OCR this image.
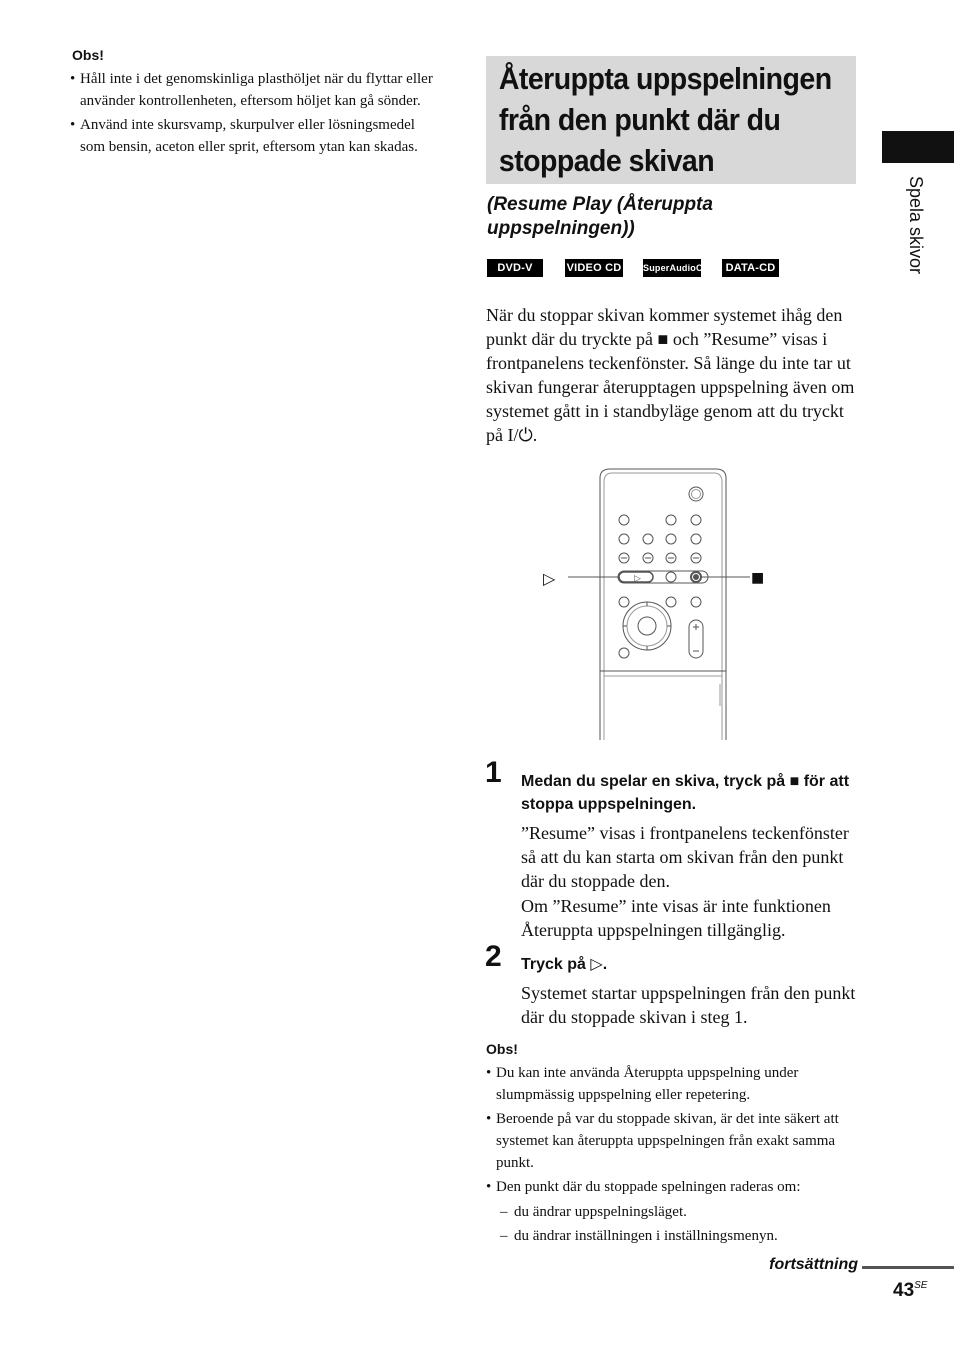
Obs!
• Håll inte i det genomskinliga plasthöljet när du flyttar eller använder kontrollenheten, eftersom höljet kan gå sönder.
• Använd inte skursvamp, skurpulver eller lösningsmedel som bensin, aceton eller sprit, eftersom ytan kan skadas.
Återuppta uppspelningen från den punkt där du stoppade skivan
(Resume Play (Återuppta uppspelningen))
DVD-V	VIDEO CD SuperAudioCD	DATA-CD

När du stoppar skivan kommer systemet ihåg den punkt där du tryckte på ■ och ”Resume” visas i frontpanelens teckenfönster. Så länge du inte tar ut skivan fungerar återupptagen uppspelning även om systemet gått in i standbyläge genom att du tryckt på I/⏻.

▷
▷	■
1 Medan du spelar en skiva, tryck på ■ för att stoppa uppspelningen.

”Resume” visas i frontpanelens teckenfönster så att du kan starta om skivan från den punkt där du stoppade den.

Om ”Resume” inte visas är inte funktionen Återuppta uppspelningen tillgänglig.

2 Tryck på ▷.

Systemet startar uppspelningen från den punkt där du stoppade skivan i steg 1.

Obs!
• Du kan inte använda Återuppta uppspelning under slumpmässig uppspelning eller repetering.
• Beroende på var du stoppade skivan, är det inte säkert att systemet kan återuppta uppspelningen från exakt samma punkt.
• Den punkt där du stoppade spelningen raderas om:
– du ändrar uppspelningsläget.
– du ändrar inställningen i inställningsmenyn.
Spela skivor
fortsättning
$43^{SE}$
